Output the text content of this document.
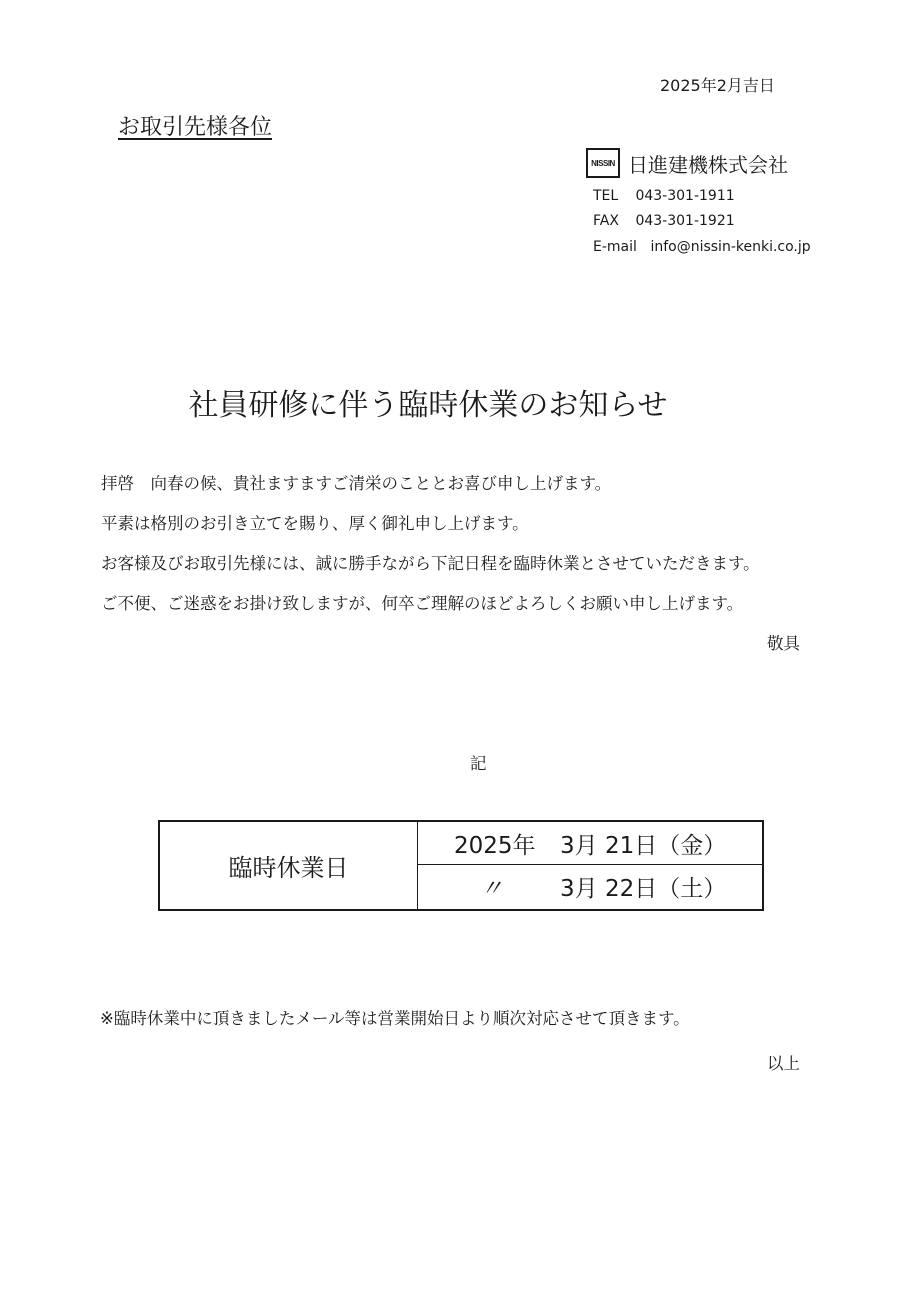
2025年2月吉日
お取引先様各位
NISSIN 日進建機株式会社
TEL 043-301-1911
FAX 043-301-1921
E-mail info@nissin-kenki.co.jp
社員研修に伴う臨時休業のお知らせ
拝啓　向春の候、貴社ますますご清栄のこととお喜び申し上げます。
平素は格別のお引き立てを賜り、厚く御礼申し上げます。
お客様及びお取引先様には、誠に勝手ながら下記日程を臨時休業とさせていただきます。
ご不便、ご迷惑をお掛け致しますが、何卒ご理解のほどよろしくお願い申し上げます。
敬具
記
臨時休業日
2025年	3月 21日（金）
〃	3月 22日（土）
※臨時休業中に頂きましたメール等は営業開始日より順次対応させて頂きます。
以上
